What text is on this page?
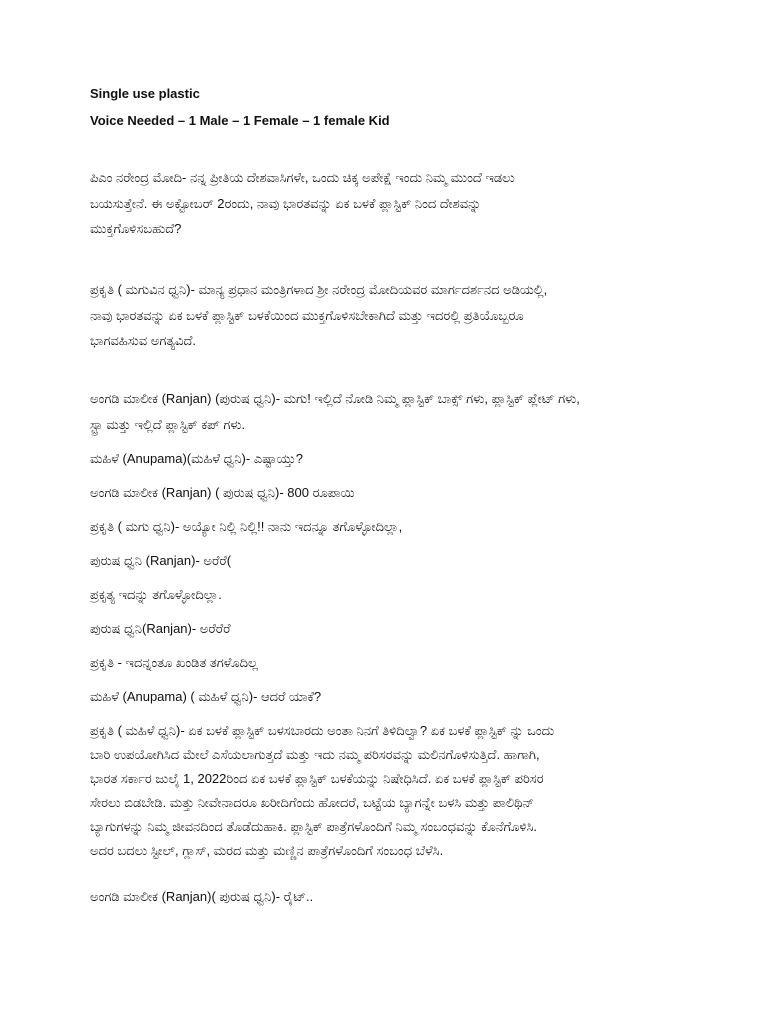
Single use plastic
Voice Needed – 1 Male – 1 Female – 1 female Kid
ಪಿಎಂ ನರೇಂದ್ರ ಮೋದಿ- ನನ್ನ ಪ್ರೀತಿಯ ದೇಶವಾಸಿಗಳೇ, ಒಂದು ಚಿಕ್ಕ ಅಪೇಕ್ಷೆ ಇಂದು ನಿಮ್ಮ ಮುಂದೆ ಇಡಲು
ಬಯಸುತ್ತೇನೆ. ಈ ಅಕ್ಟೋಬರ್ 2ರಂದು, ನಾವು ಭಾರತವನ್ನು ಏಕ ಬಳಕೆ ಪ್ಲಾಸ್ಟಿಕ್ ನಿಂದ ದೇಶವನ್ನು
ಮುಕ್ತಗೊಳಿಸಬಹುದೆ?
ಪ್ರಕೃತಿ ( ಮಗುವಿನ ಧ್ವನಿ)- ಮಾನ್ಯ ಪ್ರಧಾನ ಮಂತ್ರಿಗಳಾದ ಶ್ರೀ ನರೇಂದ್ರ ಮೋದಿಯವರ ಮಾರ್ಗದರ್ಶನದ ಅಡಿಯಲ್ಲಿ,
ನಾವು ಭಾರತವನ್ನು ಏಕ ಬಳಕೆ ಪ್ಲಾಸ್ಟಿಕ್ ಬಳಕೆಯಿಂದ ಮುಕ್ತಗೊಳಿಸಬೇಕಾಗಿದೆ ಮತ್ತು ಇದರಲ್ಲಿ ಪ್ರತಿಯೊಬ್ಬರೂ
ಭಾಗವಹಿಸುವ ಅಗತ್ಯವಿದೆ.
ಅಂಗಡಿ ಮಾಲೀಕ (Ranjan) (ಪುರುಷ ಧ್ವನಿ)- ಮಗು! ಇಲ್ಲಿದೆ ನೋಡಿ ನಿಮ್ಮ ಪ್ಲಾಸ್ಟಿಕ್ ಬಾಕ್ಸ್ ಗಳು, ಪ್ಲಾಸ್ಟಿಕ್ ಪ್ಲೇಟ್ ಗಳು,
ಸ್ಟ್ರಾ ಮತ್ತು ಇಲ್ಲಿದೆ ಪ್ಲಾಸ್ಟಿಕ್ ಕಪ್ ಗಳು.
ಮಹಿಳೆ (Anupama)(ಮಹಿಳೆ ಧ್ವನಿ)- ಎಷ್ಟಾಯ್ತು?
ಅಂಗಡಿ ಮಾಲೀಕ (Ranjan) ( ಪುರುಷ ಧ್ವನಿ)- 800 ರೂಪಾಯಿ
ಪ್ರಕೃತಿ ( ಮಗು ಧ್ವನಿ)- ಅಯ್ಯೋ ನಿಲ್ಲಿ ನಿಲ್ಲಿ!! ನಾನು ಇದನ್ನೂ ತಗೊಳ್ಳೋದಿಲ್ಲಾ,
ಪುರುಷ ಧ್ವನಿ (Ranjan)- ಅರೆರೆ(
ಪ್ರಕೃತ್ಯ ಇದನ್ನು ತಗೊಳ್ಳೋದಿಲ್ಲಾ.
ಪುರುಷ ಧ್ವನಿ(Ranjan)- ಅರೆರೆರೆ
ಪ್ರಕೃತಿ - ಇದನ್ನಂತೂ ಖಂಡಿತ ತಗಳೊದಿಲ್ಲ
ಮಹಿಳೆ (Anupama) ( ಮಹಿಳೆ ಧ್ವನಿ)- ಆದರೆ ಯಾಕೆ?
ಪ್ರಕೃತಿ ( ಮಹಿಳೆ ಧ್ವನಿ)- ಏಕ ಬಳಕೆ ಪ್ಲಾಸ್ಟಿಕ್ ಬಳಸಬಾರದು ಅಂತಾ ನಿನಗೆ ತಿಳಿದಿಲ್ವಾ? ಏಕ ಬಳಕೆ ಪ್ಲಾಸ್ಟಿಕ್ ನ್ನು ಒಂದು
ಬಾರಿ ಉಪಯೋಗಿಸಿದ ಮೇಲೆ ಎಸೆಯಲಾಗುತ್ತದೆ ಮತ್ತು ಇದು ನಮ್ಮ ಪರಿಸರವನ್ನು ಮಲಿನಗೊಳಿಸುತ್ತಿದೆ. ಹಾಗಾಗಿ,
ಭಾರತ ಸರ್ಕಾರ ಜುಲೈ 1, 2022ರಿಂದ ಏಕ ಬಳಕೆ ಪ್ಲಾಸ್ಟಿಕ್ ಬಳಕೆಯನ್ನು ನಿಷೇಧಿಸಿದೆ. ಏಕ ಬಳಕೆ ಪ್ಲಾಸ್ಟಿಕ್ ಪರಿಸರ
ಸೇರಲು ಬಿಡಬೇಡಿ. ಮತ್ತು ನೀವೇನಾದರೂ ಖರೀದಿಗೆಂದು ಹೋದರೆ, ಬಟ್ಟೆಯ ಬ್ಯಾಗನ್ನೇ ಬಳಸಿ ಮತ್ತು ಪಾಲಿಥಿನ್
ಬ್ಯಾಗುಗಳನ್ನು ನಿಮ್ಮ ಜೀವನದಿಂದ ತೊಡೆದುಹಾಕಿ. ಪ್ಲಾಸ್ಟಿಕ್ ಪಾತ್ರೆಗಳೊಂದಿಗೆ ನಿಮ್ಮ ಸಂಬಂಧವನ್ನು ಕೊನೆಗೊಳಿಸಿ.
ಅದರ ಬದಲು ಸ್ಟೀಲ್, ಗ್ಲಾಸ್, ಮರದ ಮತ್ತು ಮಣ್ಣಿನ ಪಾತ್ರೆಗಳೊಂದಿಗೆ ಸಂಬಂಧ ಬೆಳೆಸಿ.
ಅಂಗಡಿ ಮಾಲೀಕ (Ranjan)( ಪುರುಷ ಧ್ವನಿ)- ರೈಟ್..
